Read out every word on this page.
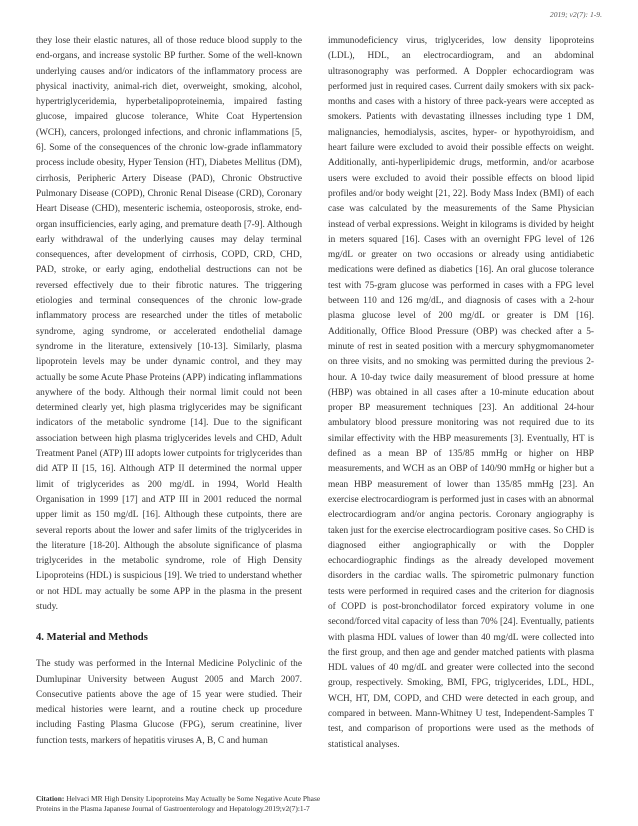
2019; v2(7): 1-9.

they lose their elastic natures, all of those reduce blood supply to the end-organs, and increase systolic BP further. Some of the well-known underlying causes and/or indicators of the inflammatory process are physical inactivity, animal-rich diet, overweight, smoking, alcohol, hypertriglyceridemia, hyperbetalipoproteinemia, impaired fasting glucose, impaired glucose tolerance, White Coat Hypertension (WCH), cancers, prolonged infections, and chronic inflammations [5, 6]. Some of the consequences of the chronic low-grade inflammatory process include obesity, Hyper Tension (HT), Diabetes Mellitus (DM), cirrhosis, Peripheric Artery Disease (PAD), Chronic Obstructive Pulmonary Disease (COPD), Chronic Renal Disease (CRD), Coronary Heart Disease (CHD), mesenteric ischemia, osteoporosis, stroke, end-organ insufficiencies, early aging, and premature death [7-9]. Although early withdrawal of the underlying causes may delay terminal consequences, after development of cirrhosis, COPD, CRD, CHD, PAD, stroke, or early aging, endothelial destructions can not be reversed effectively due to their fibrotic natures. The triggering etiologies and terminal consequences of the chronic low-grade inflammatory process are researched under the titles of metabolic syndrome, aging syndrome, or accelerated endothelial damage syndrome in the literature, extensively [10-13]. Similarly, plasma lipoprotein levels may be under dynamic control, and they may actually be some Acute Phase Proteins (APP) indicating inflammations anywhere of the body. Although their normal limit could not been determined clearly yet, high plasma triglycerides may be significant indicators of the metabolic syndrome [14]. Due to the significant association between high plasma triglycerides levels and CHD, Adult Treatment Panel (ATP) III adopts lower cutpoints for triglycerides than did ATP II [15, 16]. Although ATP II determined the normal upper limit of triglycerides as 200 mg/dL in 1994, World Health Organisation in 1999 [17] and ATP III in 2001 reduced the normal upper limit as 150 mg/dL [16]. Although these cutpoints, there are several reports about the lower and safer limits of the triglycerides in the literature [18-20]. Although the absolute significance of plasma triglycerides in the metabolic syndrome, role of High Density Lipoproteins (HDL) is suspicious [19]. We tried to understand whether or not HDL may actually be some APP in the plasma in the present study.

4. Material and Methods

The study was performed in the Internal Medicine Polyclinic of the Dumlupinar University between August 2005 and March 2007. Consecutive patients above the age of 15 year were studied. Their medical histories were learnt, and a routine check up procedure including Fasting Plasma Glucose (FPG), serum creatinine, liver function tests, markers of hepatitis viruses A, B, C and human

immunodeficiency virus, triglycerides, low density lipoproteins (LDL), HDL, an electrocardiogram, and an abdominal ultrasonography was performed. A Doppler echocardiogram was performed just in required cases. Current daily smokers with six pack-months and cases with a history of three pack-years were accepted as smokers. Patients with devastating illnesses including type 1 DM, malignancies, hemodialysis, ascites, hyper- or hypothyroidism, and heart failure were excluded to avoid their possible effects on weight. Additionally, anti-hyperlipidemic drugs, metformin, and/or acarbose users were excluded to avoid their possible effects on blood lipid profiles and/or body weight [21, 22]. Body Mass Index (BMI) of each case was calculated by the measurements of the Same Physician instead of verbal expressions. Weight in kilograms is divided by height in meters squared [16]. Cases with an overnight FPG level of 126 mg/dL or greater on two occasions or already using antidiabetic medications were defined as diabetics [16]. An oral glucose tolerance test with 75-gram glucose was performed in cases with a FPG level between 110 and 126 mg/dL, and diagnosis of cases with a 2-hour plasma glucose level of 200 mg/dL or greater is DM [16]. Additionally, Office Blood Pressure (OBP) was checked after a 5-minute of rest in seated position with a mercury sphygmomanometer on three visits, and no smoking was permitted during the previous 2-hour. A 10-day twice daily measurement of blood pressure at home (HBP) was obtained in all cases after a 10-minute education about proper BP measurement techniques [23]. An additional 24-hour ambulatory blood pressure monitoring was not required due to its similar effectivity with the HBP measurements [3]. Eventually, HT is defined as a mean BP of 135/85 mmHg or higher on HBP measurements, and WCH as an OBP of 140/90 mmHg or higher but a mean HBP measurement of lower than 135/85 mmHg [23]. An exercise electrocardiogram is performed just in cases with an abnormal electrocardiogram and/or angina pectoris. Coronary angiography is taken just for the exercise electrocardiogram positive cases. So CHD is diagnosed either angiographically or with the Doppler echocardiographic findings as the already developed movement disorders in the cardiac walls. The spirometric pulmonary function tests were performed in required cases and the criterion for diagnosis of COPD is post-bronchodilator forced expiratory volume in one second/forced vital capacity of less than 70% [24]. Eventually, patients with plasma HDL values of lower than 40 mg/dL were collected into the first group, and then age and gender matched patients with plasma HDL values of 40 mg/dL and greater were collected into the second group, respectively. Smoking, BMI, FPG, triglycerides, LDL, HDL, WCH, HT, DM, COPD, and CHD were detected in each group, and compared in between. Mann-Whitney U test, Independent-Samples T test, and comparison of proportions were used as the methods of statistical analyses.

Citation: Helvaci MR High Density Lipoproteins May Actually be Some Negative Acute Phase
Proteins in the Plasma Japanese Journal of Gastroenterology and Hepatology.2019;v2(7):1-7
